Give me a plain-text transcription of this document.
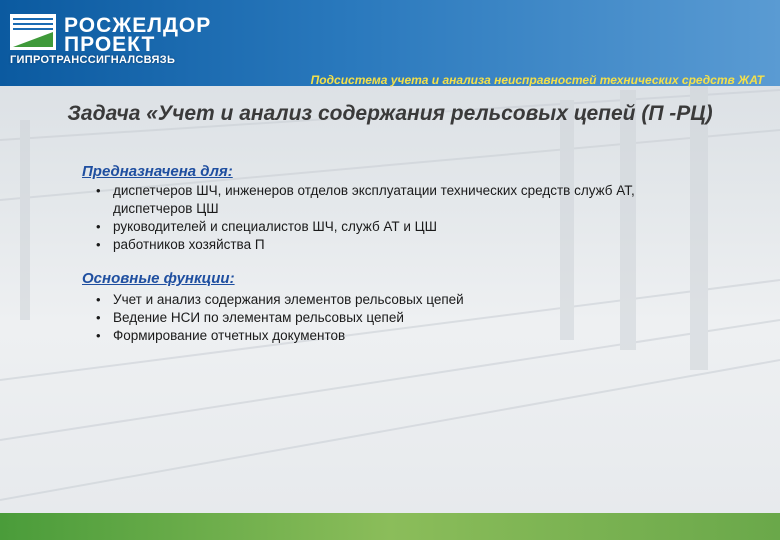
РОСЖЕЛДОР
ПРОЕКТ
ГИПРОТРАНССИГНАЛСВЯЗЬ
Подсистема учета и анализа неисправностей технических средств ЖАТ
Задача «Учет и анализ содержания рельсовых цепей (П -РЦ)
Предназначена для:
• диспетчеров ШЧ, инженеров отделов эксплуатации технических средств служб АТ, диспетчеров ЦШ
• руководителей и специалистов ШЧ, служб АТ и ЦШ
• работников хозяйства П
Основные функции:
• Учет и анализ содержания элементов рельсовых цепей
• Ведение НСИ по элементам рельсовых цепей
• Формирование отчетных документов
